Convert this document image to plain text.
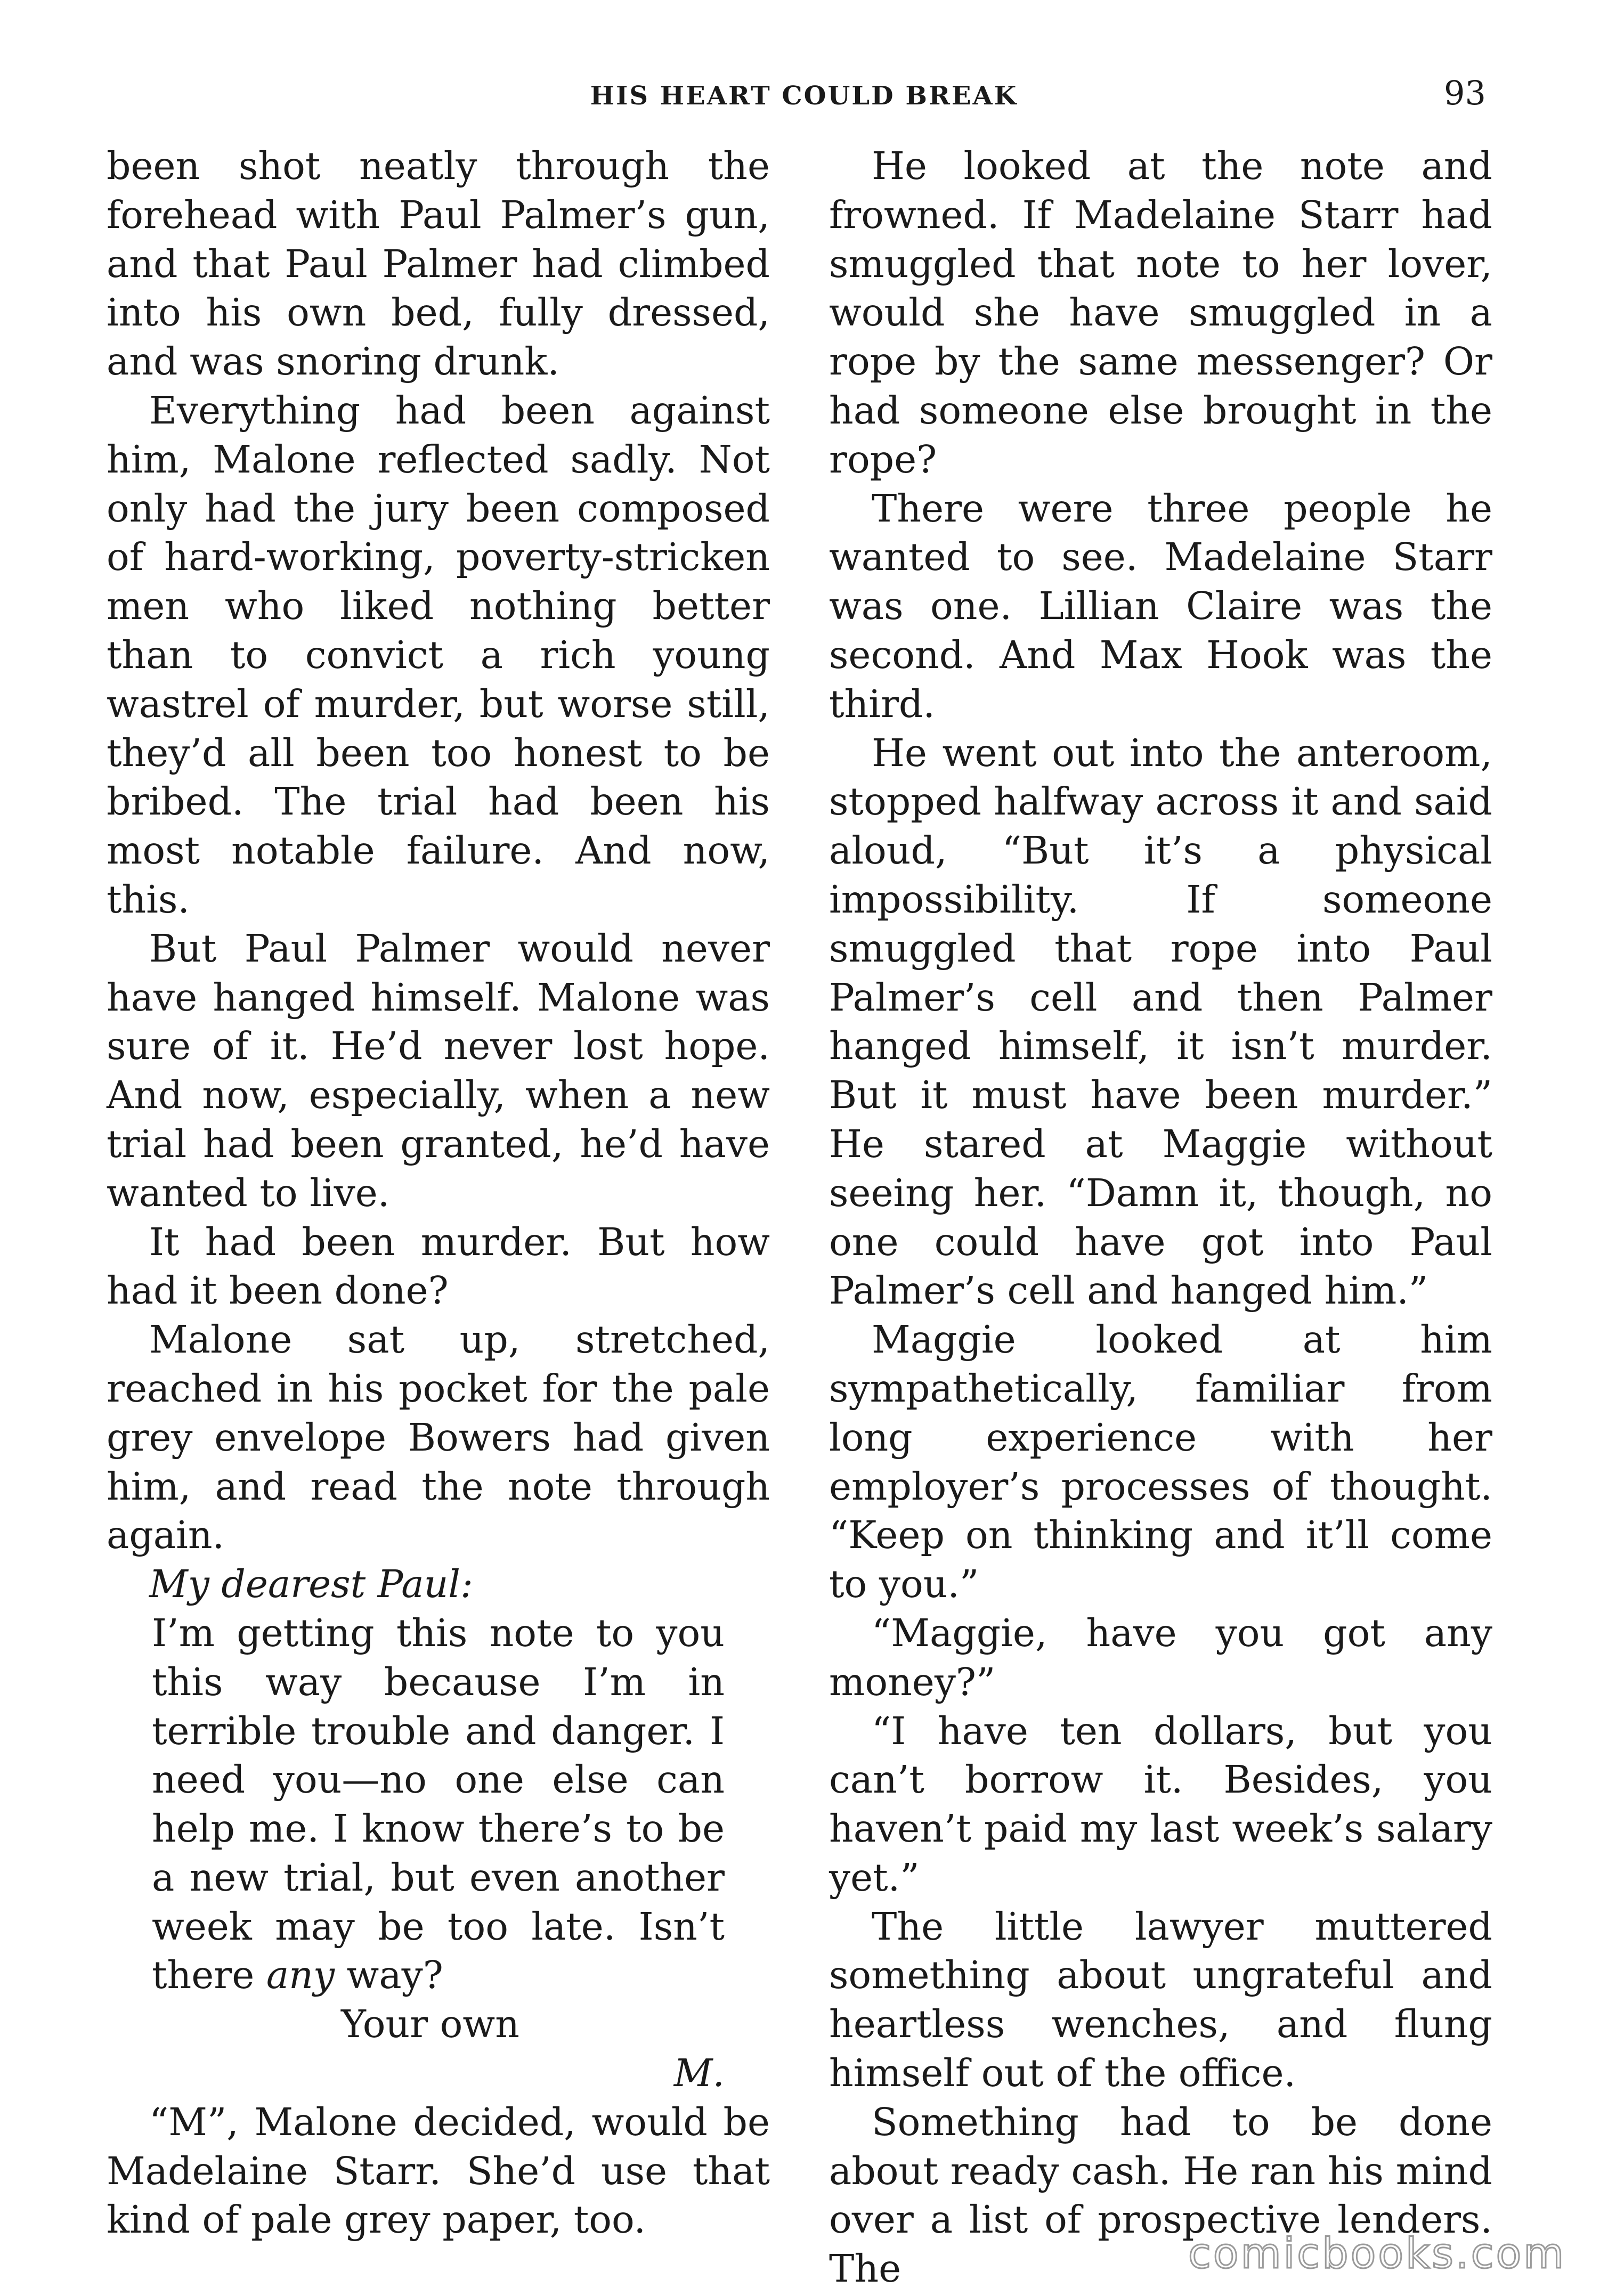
HIS HEART COULD BREAK	93

been shot neatly through the forehead with Paul Palmer’s gun, and that Paul Palmer had climbed into his own bed, fully dressed, and was snoring drunk.

Everything had been against him, Malone reflected sadly. Not only had the jury been composed of hard-working, poverty-stricken men who liked nothing better than to convict a rich young wastrel of murder, but worse still, they’d all been too honest to be bribed. The trial had been his most notable failure. And now, this.

But Paul Palmer would never have hanged himself. Malone was sure of it. He’d never lost hope. And now, especially, when a new trial had been granted, he’d have wanted to live.

It had been murder. But how had it been done?

Malone sat up, stretched, reached in his pocket for the pale grey envelope Bowers had given him, and read the note through again.

My dearest Paul:

I’m getting this note to you this way because I’m in terrible trouble and danger. I need you—no one else can help me. I know there’s to be a new trial, but even another week may be too late. Isn’t there any way?

Your own

M.

“M”, Malone decided, would be Madelaine Starr. She’d use that kind of pale grey paper, too.

He looked at the note and frowned. If Madelaine Starr had smuggled that note to her lover, would she have smuggled in a rope by the same messenger? Or had someone else brought in the rope?

There were three people he wanted to see. Madelaine Starr was one. Lillian Claire was the second. And Max Hook was the third.

He went out into the anteroom, stopped halfway across it and said aloud, “But it’s a physical impossibility. If someone smuggled that rope into Paul Palmer’s cell and then Palmer hanged himself, it isn’t murder. But it must have been murder.” He stared at Maggie without seeing her. “Damn it, though, no one could have got into Paul Palmer’s cell and hanged him.”

Maggie looked at him sympathetically, familiar from long experience with her employer’s processes of thought. “Keep on thinking and it’ll come to you.”

“Maggie, have you got any money?”

“I have ten dollars, but you can’t borrow it. Besides, you haven’t paid my last week’s salary yet.”

The little lawyer muttered something about ungrateful and heartless wenches, and flung himself out of the office.

Something had to be done about ready cash. He ran his mind over a list of prospective lenders. The	comicbooks.com
